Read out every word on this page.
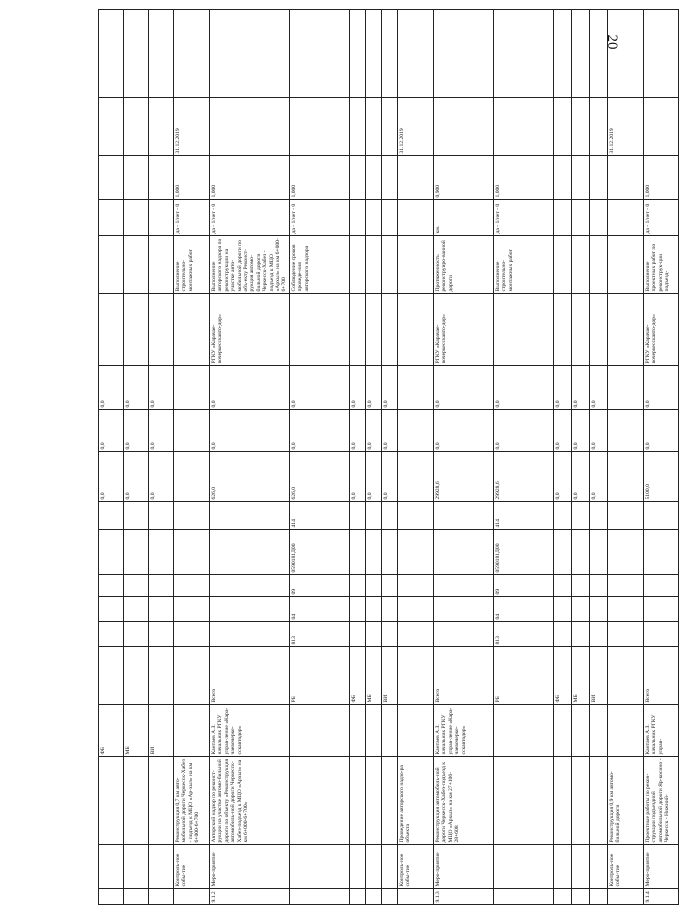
20
			ФБ							0,0	0,0	0,0						
			МБ							0,0	0,0	0,0						
			ВИ							0,0	0,0	0,0						
	Контроль-ное собы-тие	Реконструкция 0,7 км авто-мобильной дороги Черкесск-Хабез - подъезд к МЦО «Ар-хыз» на км 6+000-6+700												Выполнение строительно-монтажных работ	да - 1/нет - 0	1,000	31.12.2019	
9.1.2	Меро-приятие	Авторский надзор по реконст-рукции на участке автомо-бильной дороги по объекту «Реконструкция автомобиль-ной дороги Черкесск-Хабез-подъезд к МЦО «Архыз» на км 6+000-6+700»	Кантаев А.З. начальник РГКУ управ-ление «Кара-чаевочерке-сскавтодор»	Всего						626,0	0,0	0,0	РГКУ «Карачае-вочеркесскавто-дор»	Выполнение авторского надзора по реконструкции на участке авто-мобильной дороги по объ-екту Реконст-рукция автомо-бильной дороги Черкесск-Хабез - подъезд к МЦО «Архыз» на км 6+000-6+700	да - 1/нет - 0	1,000		
				РБ	813	04	09	0590181Д00	414	626,0	0,0	0,0		Соблюдение сроков проведе-ния авторского надзора	да - 1/нет - 0	1,000		
				ФБ						0,0	0,0	0,0						
				МБ						0,0	0,0	0,0						
				ВИ						0,0	0,0	0,0						
	Контроль-ное собы-тие	Проведение авторского надзо-ра объекта															31.12.2019	
9.1.3	Меро-приятие	Реконструкция автомобиль-ной дороги Черкесск-Хабез-подъезд к МЦО «Архыз» на км 27+106-28+608	Кантаев А.З. начальник РГКУ управ-ление «Кара-чаевочерке-сскавтодор»	Всего						29928,6	0,0	0,0	РГКУ «Карачае-вочеркесскавто-дор»	Протяженность реконструиро-ванной дороги	км.	0,900		
				РБ	813	04	09	0590181Д00	414	29928,6	0,0	0,0		Выполнение строительно-монтажных работ	да - 1/нет - 0	1,000		
				ФБ						0,0	0,0	0,0						
				МБ						0,0	0,0	0,0						
				ВИ						0,0	0,0	0,0						
	Контроль-ное собы-тие	Реконструкция 0,9 км автомо-бильной дороги															31.12.2019	
9.1.4	Меро-приятие	Проектные работы по рекон-струкции подъездной автомобильной дороги Яр-косино - Черкесск - Нижний-	Кантаев А.З. начальник РГКУ управ-	Всего						5100,0	0,0	0,0	РГКУ «Карачае-вочеркесскавто-дор»	Выполнение проектных работ по реконструк-ции подъезд-	да - 1/нет - 0	1,000		
